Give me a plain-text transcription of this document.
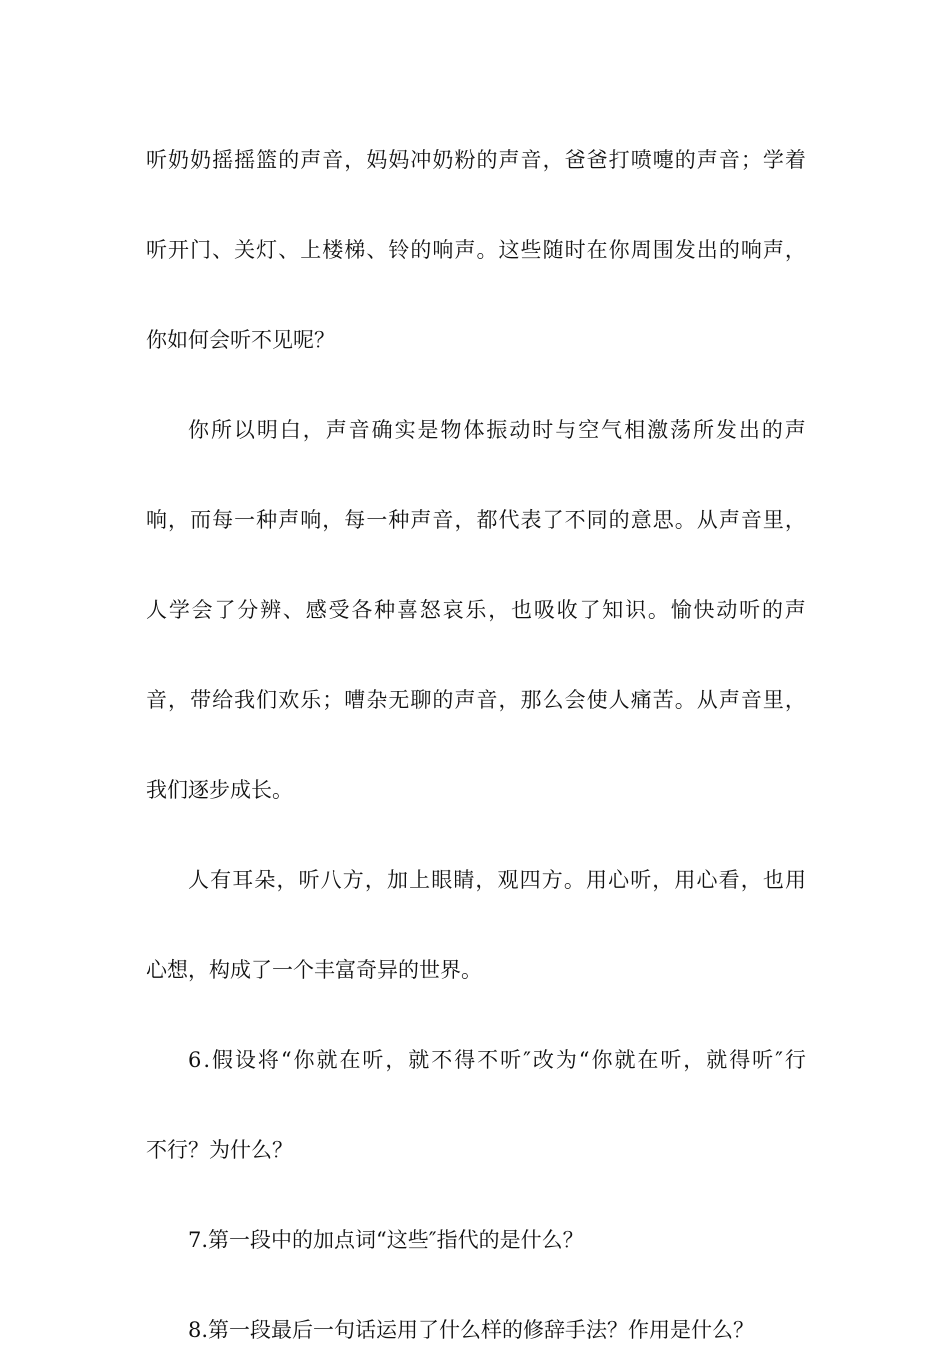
听 奶 奶 摇 摇 篮 的 声 音 ， 妈 妈 冲 奶 粉 的 声 音 ， 爸 爸 打 喷 嚏 的 声 音 ； 学 着
听 开 门 、 关 灯 、 上 楼 梯 、 铃 的 响 声 。 这 些 随 时 在 你 周 围 发 出 的 响 声 ，
你如何会听不见呢？
你 所 以 明 白 ， 声 音 确 实 是 物 体 振 动 时 与 空 气 相 激 荡 所 发 出 的 声
响 ， 而 每 一 种 声 响 ， 每 一 种 声 音 ， 都 代 表 了 不 同 的 意 思 。 从 声 音 里 ，
人 学 会 了 分 辨 、 感 受 各 种 喜 怒 哀 乐 ， 也 吸 收 了 知 识 。 愉 快 动 听 的 声
音 ， 带 给 我 们 欢 乐 ； 嘈 杂 无 聊 的 声 音 ， 那 么 会 使 人 痛 苦 。 从 声 音 里 ，
我们逐步成长。
人 有 耳 朵 ， 听 八 方 ， 加 上 眼 睛 ， 观 四 方 。 用 心 听 ， 用 心 看 ， 也 用
心想，构成了一个丰富奇异的世界。
6 . 假 设 将 “ 你 就 在 听 ， 就 不 得 不 听 ″ 改 为 “ 你 就 在 听 ， 就 得 听 ″ 行
不行？为什么？
7.第一段中的加点词“这些″指代的是什么？
8.第一段最后一句话运用了什么样的修辞手法？作用是什么？
